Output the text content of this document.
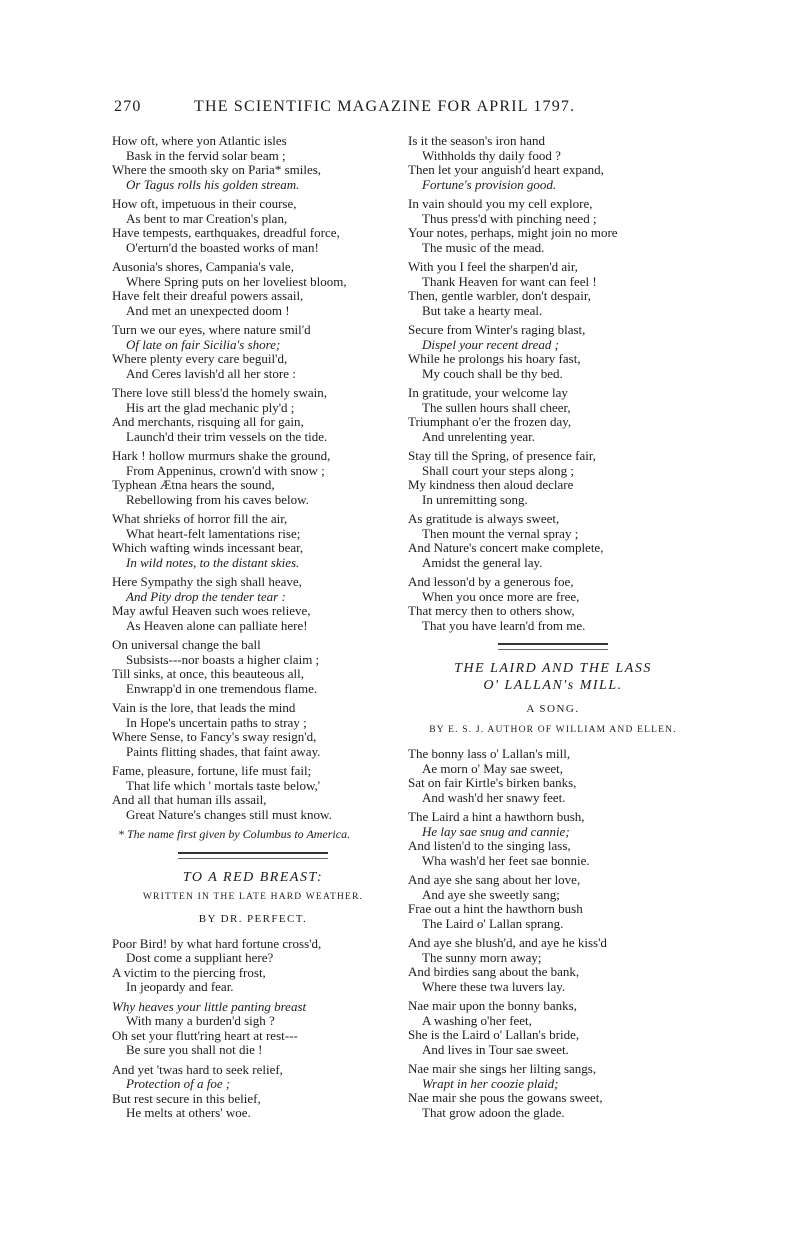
270	THE SCIENTIFIC MAGAZINE FOR APRIL 1797.
How oft, where yon Atlantic isles
Bask in the fervid solar beam ;
Where the smooth sky on Paria* smiles,
Or Tagus rolls his golden stream.
How oft, impetuous in their course,
As bent to mar Creation's plan,
Have tempests, earthquakes, dreadful force,
O'erturn'd the boasted works of man!
Ausonia's shores, Campania's vale,
Where Spring puts on her loveliest bloom,
Have felt their dreaful powers assail,
And met an unexpected doom !
Turn we our eyes, where nature smil'd
Of late on fair Sicilia's shore;
Where plenty every care beguil'd,
And Ceres lavish'd all her store :
There love still bless'd the homely swain,
His art the glad mechanic ply'd ;
And merchants, risquing all for gain,
Launch'd their trim vessels on the tide.
Hark ! hollow murmurs shake the ground,
From Appeninus, crown'd with snow ;
Typhean Ætna hears the sound,
Rebellowing from his caves below.
What shrieks of horror fill the air,
What heart-felt lamentations rise;
Which wafting winds incessant bear,
In wild notes, to the distant skies.
Here Sympathy the sigh shall heave,
And Pity drop the tender tear :
May awful Heaven such woes relieve,
As Heaven alone can palliate here!
On universal change the ball
Subsists---nor boasts a higher claim ;
Till sinks, at once, this beauteous all,
Enwrapp'd in one tremendous flame.
Vain is the lore, that leads the mind
In Hope's uncertain paths to stray ;
Where Sense, to Fancy's sway resign'd,
Paints flitting shades, that faint away.
Fame, pleasure, fortune, life must fail;
That life which ' mortals taste below,'
And all that human ills assail,
Great Nature's changes still must know.
* The name first given by Columbus to America.
TO A RED BREAST:
WRITTEN IN THE LATE HARD WEATHER.
BY DR. PERFECT.
Poor Bird! by what hard fortune cross'd,
Dost come a suppliant here?
A victim to the piercing frost,
In jeopardy and fear.
Why heaves your little panting breast
With many a burden'd sigh ?
Oh set your flutt'ring heart at rest---
Be sure you shall not die !
And yet 'twas hard to seek relief,
Protection of a foe ;
But rest secure in this belief,
He melts at others' woe.
Is it the season's iron hand
Withholds thy daily food ?
Then let your anguish'd heart expand,
Fortune's provision good.
In vain should you my cell explore,
Thus press'd with pinching need ;
Your notes, perhaps, might join no more
The music of the mead.
With you I feel the sharpen'd air,
Thank Heaven for want can feel !
Then, gentle warbler, don't despair,
But take a hearty meal.
Secure from Winter's raging blast,
Dispel your recent dread ;
While he prolongs his hoary fast,
My couch shall be thy bed.
In gratitude, your welcome lay
The sullen hours shall cheer,
Triumphant o'er the frozen day,
And unrelenting year.
Stay till the Spring, of presence fair,
Shall court your steps along ;
My kindness then aloud declare
In unremitting song.
As gratitude is always sweet,
Then mount the vernal spray ;
And Nature's concert make complete,
Amidst the general lay.
And lesson'd by a generous foe,
When you once more are free,
That mercy then to others show,
That you have learn'd from me.
THE LAIRD AND THE LASS
O' LALLAN's MILL.
A SONG.
BY E. S. J. AUTHOR OF WILLIAM AND ELLEN.
The bonny lass o' Lallan's mill,
Ae morn o' May sae sweet,
Sat on fair Kirtle's birken banks,
And wash'd her snawy feet.
The Laird a hint a hawthorn bush,
He lay sae snug and cannie;
And listen'd to the singing lass,
Wha wash'd her feet sae bonnie.
And aye she sang about her love,
And aye she sweetly sang;
Frae out a hint the hawthorn bush
The Laird o' Lallan sprang.
And aye she blush'd, and aye he kiss'd
The sunny morn away;
And birdies sang about the bank,
Where these twa luvers lay.
Nae mair upon the bonny banks,
A washing o'her feet,
She is the Laird o' Lallan's bride,
And lives in Tour sae sweet.
Nae mair she sings her lilting sangs,
Wrapt in her coozie plaid;
Nae mair she pous the gowans sweet,
That grow adoon the glade.
